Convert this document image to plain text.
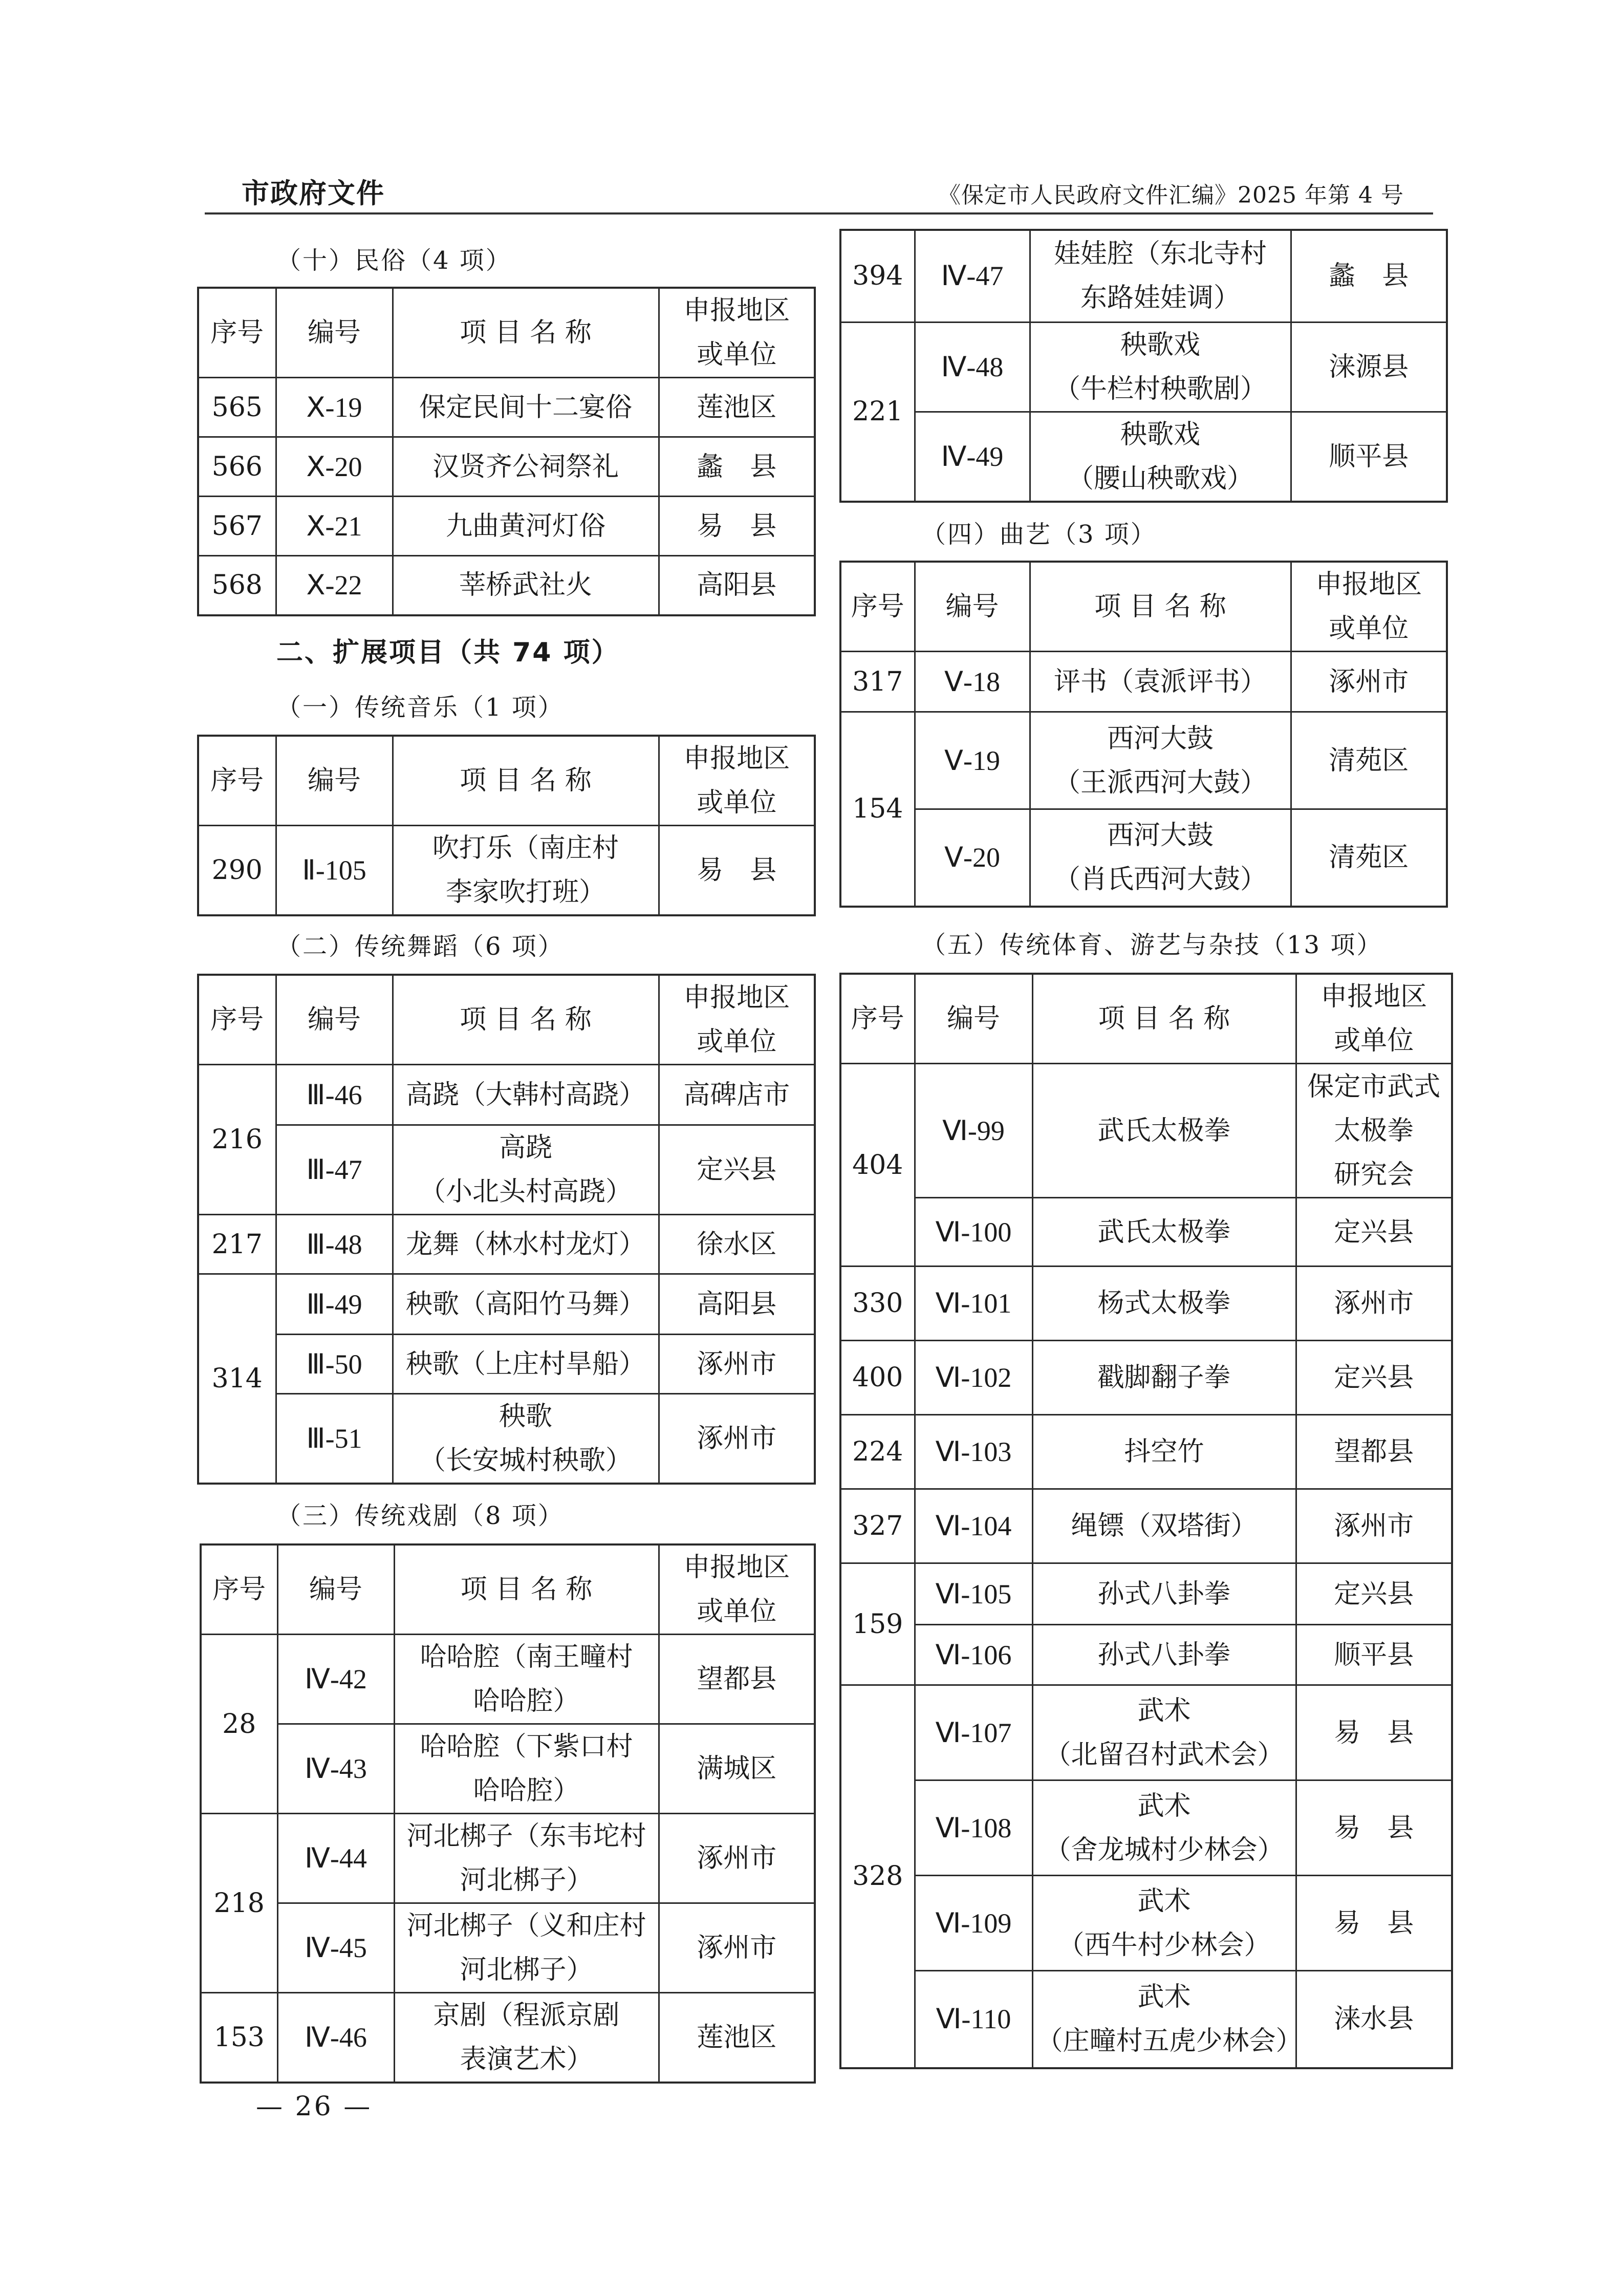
市政府文件	《保定市人民政府文件汇编》2025 年第 4 号
（十）民俗（4 项）
序号	编号	项 目 名 称	申报地区
或单位
565	Ⅹ-19	保定民间十二宴俗	莲池区
566	Ⅹ-20	汉贤齐公祠祭礼	蠡　县
567	Ⅹ-21	九曲黄河灯俗	易　县
568	Ⅹ-22	莘桥武社火	高阳县
二、扩展项目（共 74 项）
（一）传统音乐（1 项）
序号	编号	项 目 名 称	申报地区
或单位
290	Ⅱ-105	吹打乐（南庄村
李家吹打班）	易　县
（二）传统舞蹈（6 项）
序号	编号	项 目 名 称	申报地区
或单位
216	Ⅲ-46	高跷（大韩村高跷）	高碑店市
	Ⅲ-47	高跷
（小北头村高跷）	定兴县
217	Ⅲ-48	龙舞（林水村龙灯）	徐水区
314	Ⅲ-49	秧歌（高阳竹马舞）	高阳县
	Ⅲ-50	秧歌（上庄村旱船）	涿州市
	Ⅲ-51	秧歌
（长安城村秧歌）	涿州市
（三）传统戏剧（8 项）
序号	编号	项 目 名 称	申报地区
或单位
28	Ⅳ-42	哈哈腔（南王疃村
哈哈腔）	望都县
	Ⅳ-43	哈哈腔（下紫口村
哈哈腔）	满城区
218	Ⅳ-44	河北梆子（东韦坨村
河北梆子）	涿州市
	Ⅳ-45	河北梆子（义和庄村
河北梆子）	涿州市
153	Ⅳ-46	京剧（程派京剧
表演艺术）	莲池区
394	Ⅳ-47	娃娃腔（东北寺村
东路娃娃调）	蠡　县
221	Ⅳ-48	秧歌戏
（牛栏村秧歌剧）	涞源县
	Ⅳ-49	秧歌戏
（腰山秧歌戏）	顺平县
（四）曲艺（3 项）
序号	编号	项 目 名 称	申报地区
或单位
317	Ⅴ-18	评书（袁派评书）	涿州市
154	Ⅴ-19	西河大鼓
（王派西河大鼓）	清苑区
	Ⅴ-20	西河大鼓
（肖氏西河大鼓）	清苑区
（五）传统体育、游艺与杂技（13 项）
序号	编号	项 目 名 称	申报地区
或单位
404	Ⅵ-99	武氏太极拳	保定市武式
太极拳
研究会
	Ⅵ-100	武氏太极拳	定兴县
330	Ⅵ-101	杨式太极拳	涿州市
400	Ⅵ-102	戳脚翻子拳	定兴县
224	Ⅵ-103	抖空竹	望都县
327	Ⅵ-104	绳镖（双塔街）	涿州市
159	Ⅵ-105	孙式八卦拳	定兴县
	Ⅵ-106	孙式八卦拳	顺平县
328	Ⅵ-107	武术
（北留召村武术会）	易　县
	Ⅵ-108	武术
（舍龙城村少林会）	易　县
	Ⅵ-109	武术
（西牛村少林会）	易　县
	Ⅵ-110	武术
（庄疃村五虎少林会）	涞水县
— 26 —
